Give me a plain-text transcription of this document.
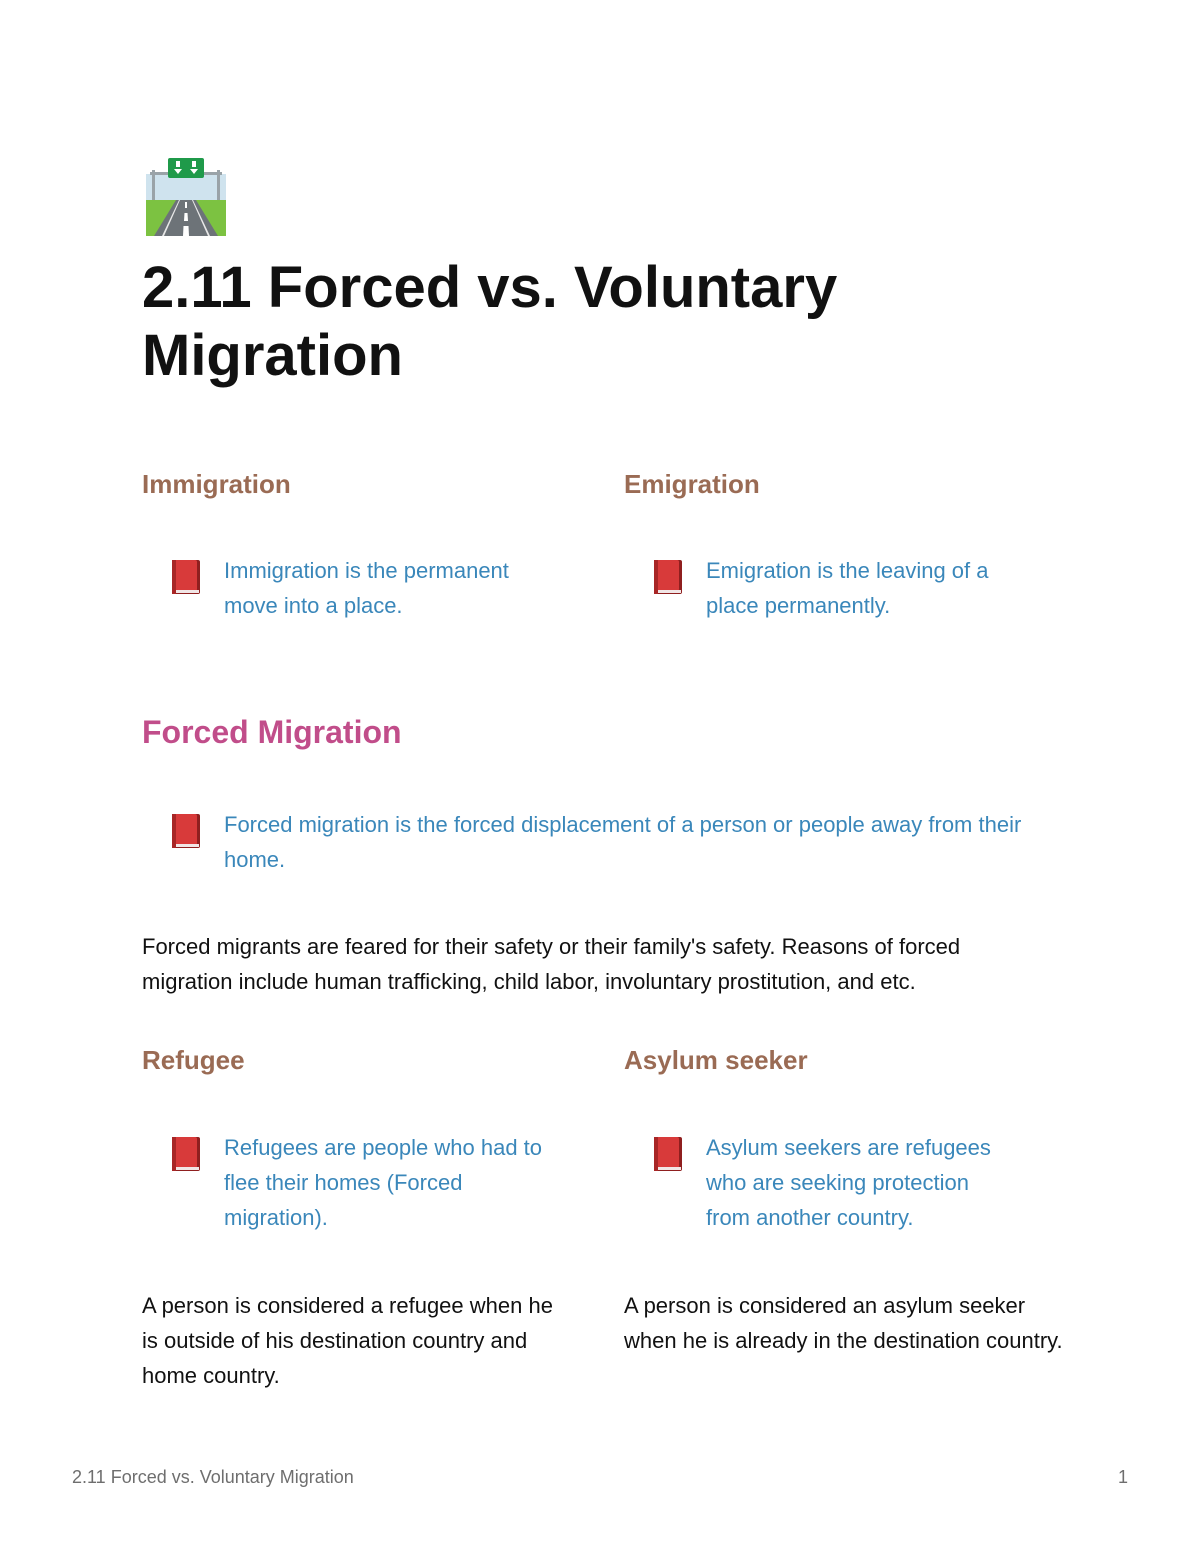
2.11 Forced vs. Voluntary Migration
Immigration
Immigration is the permanent move into a place.
Emigration
Emigration is the leaving of a place permanently.
Forced Migration
Forced migration is the forced displacement of a person or people away from their home.

Forced migrants are feared for their safety or their family's safety. Reasons of forced migration include human trafficking, child labor, involuntary prostitution, and etc.

Refugee
Refugees are people who had to flee their homes (Forced migration).

A person is considered a refugee when he is outside of his destination country and home country.

Asylum seeker
Asylum seekers are refugees who are seeking protection from another country.

A person is considered an asylum seeker when he is already in the destination country.

2.11 Forced vs. Voluntary Migration	1
